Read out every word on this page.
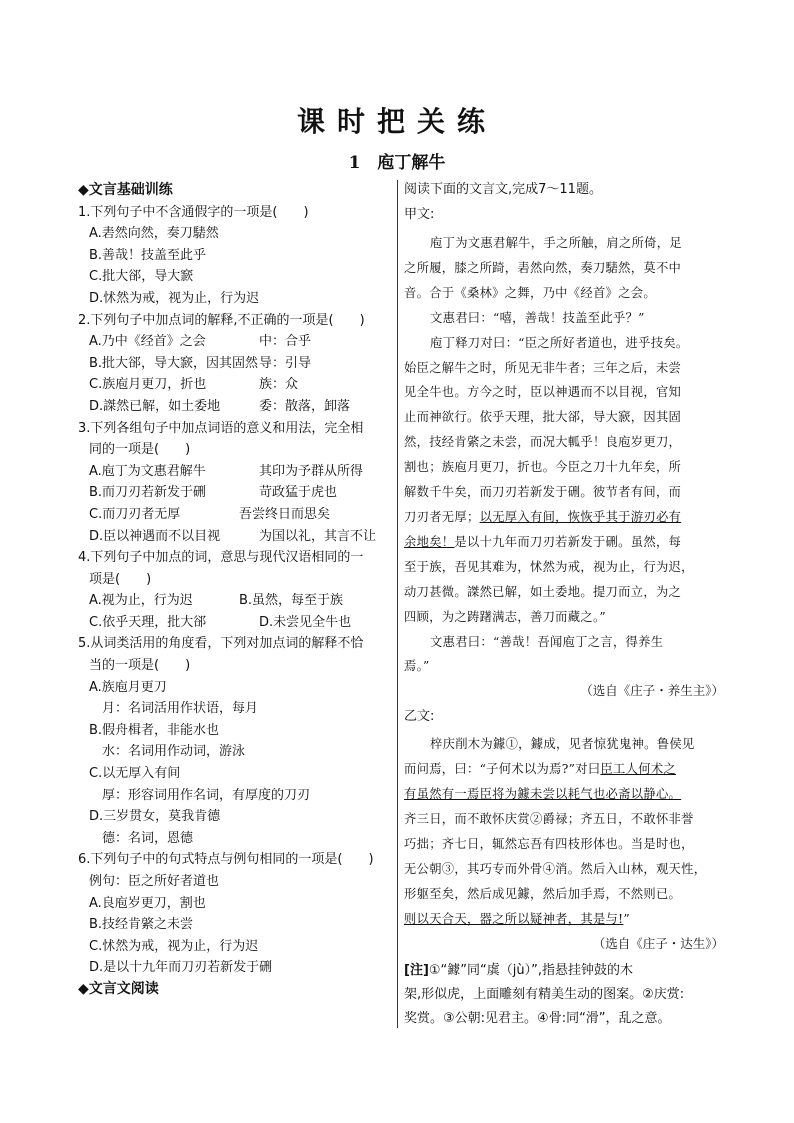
课时把关练
1　庖丁解牛
◆文言基础训练
1.下列句子中不含通假字的一项是(　　)
A.砉然向然，奏刀騞然
B.善哉！技盖至此乎
C.批大郤，导大窾
D.怵然为戒，视为止，行为迟
2.下列句子中加点词的解释,不正确的一项是(　　)
A.乃中《经首》之会	中：合乎
B.批大郤，导大窾，因其固然导：引导
C.族庖月更刀，折也	族：众
D.謋然已解，如土委地	委：散落，卸落
3.下列各组句子中加点词语的意义和用法，完全相
同的一项是(　　)
A.庖丁为文惠君解牛	其印为予群从所得
B.而刀刃若新发于硎	苛政猛于虎也
C.而刀刃者无厚	吾尝终日而思矣
D.臣以神遇而不以目视	为国以礼，其言不让
4.下列句子中加点的词，意思与现代汉语相同的一
项是(　　)
A.视为止，行为迟	B.虽然，每至于族
C.依乎天理，批大郤	D.未尝见全牛也
5.从词类活用的角度看，下列对加点词的解释不恰
当的一项是(　　)
A.族庖月更刀
月：名词活用作状语，每月
B.假舟楫者，非能水也
水：名词用作动词，游泳
C.以无厚入有间
厚：形容词用作名词，有厚度的刀刃
D.三岁贯女，莫我肯德
德：名词，恩德
6.下列句子中的句式特点与例句相同的一项是(　　)
例句：臣之所好者道也
A.良庖岁更刀，割也
B.技经肯綮之未尝
C.怵然为戒，视为止，行为迟
D.是以十九年而刀刃若新发于硎
◆文言文阅读
阅读下面的文言文,完成7～11题。
甲文:
庖丁为文惠君解牛，手之所触，肩之所倚，足
之所履，膝之所踦，砉然向然，奏刀騞然，莫不中
音。合于《桑林》之舞，乃中《经首》之会。
文惠君曰：“嘻，善哉！技盖至此乎？”
庖丁释刀对曰：“臣之所好者道也，进乎技矣。
始臣之解牛之时，所见无非牛者；三年之后，未尝
见全牛也。方今之时，臣以神遇而不以目视，官知
止而神欲行。依乎天理，批大郤，导大窾，因其固
然，技经肯綮之未尝，而况大軱乎！良庖岁更刀，
割也；族庖月更刀，折也。今臣之刀十九年矣，所
解数千牛矣，而刀刃若新发于硎。彼节者有间，而
刀刃者无厚；以无厚入有间，恢恢乎其于游刃必有
余地矣！是以十九年而刀刃若新发于硎。虽然，每
至于族，吾见其难为，怵然为戒，视为止，行为迟，
动刀甚微。謋然已解，如土委地。提刀而立，为之
四顾，为之踌躇满志，善刀而藏之。”
文惠君曰：“善哉！吾闻庖丁之言，得养生
焉。”
（选自《庄子・养生主》）
乙文:
梓庆削木为鐻①，鐻成，见者惊犹鬼神。鲁侯见
而问焉，曰：“子何术以为焉?”对曰臣工人何术之
有虽然有一焉臣将为鐻未尝以耗气也必斋以静心。
齐三日，而不敢怀庆赏②爵禄；齐五日，不敢怀非誉
巧拙；齐七日，辄然忘吾有四枝形体也。当是时也，
无公朝③，其巧专而外骨④消。然后入山林，观天性，
形躯至矣，然后成见鐻，然后加手焉，不然则已。
则以天合天，器之所以疑神者，其是与!”
（选自《庄子・达生》）
[注]①“鐻”同“虡（jù）”,指悬挂钟鼓的木
架,形似虎，上面雕刻有精美生动的图案。②庆赏:
奖赏。③公朝:见君主。④骨:同“滑”，乱之意。
